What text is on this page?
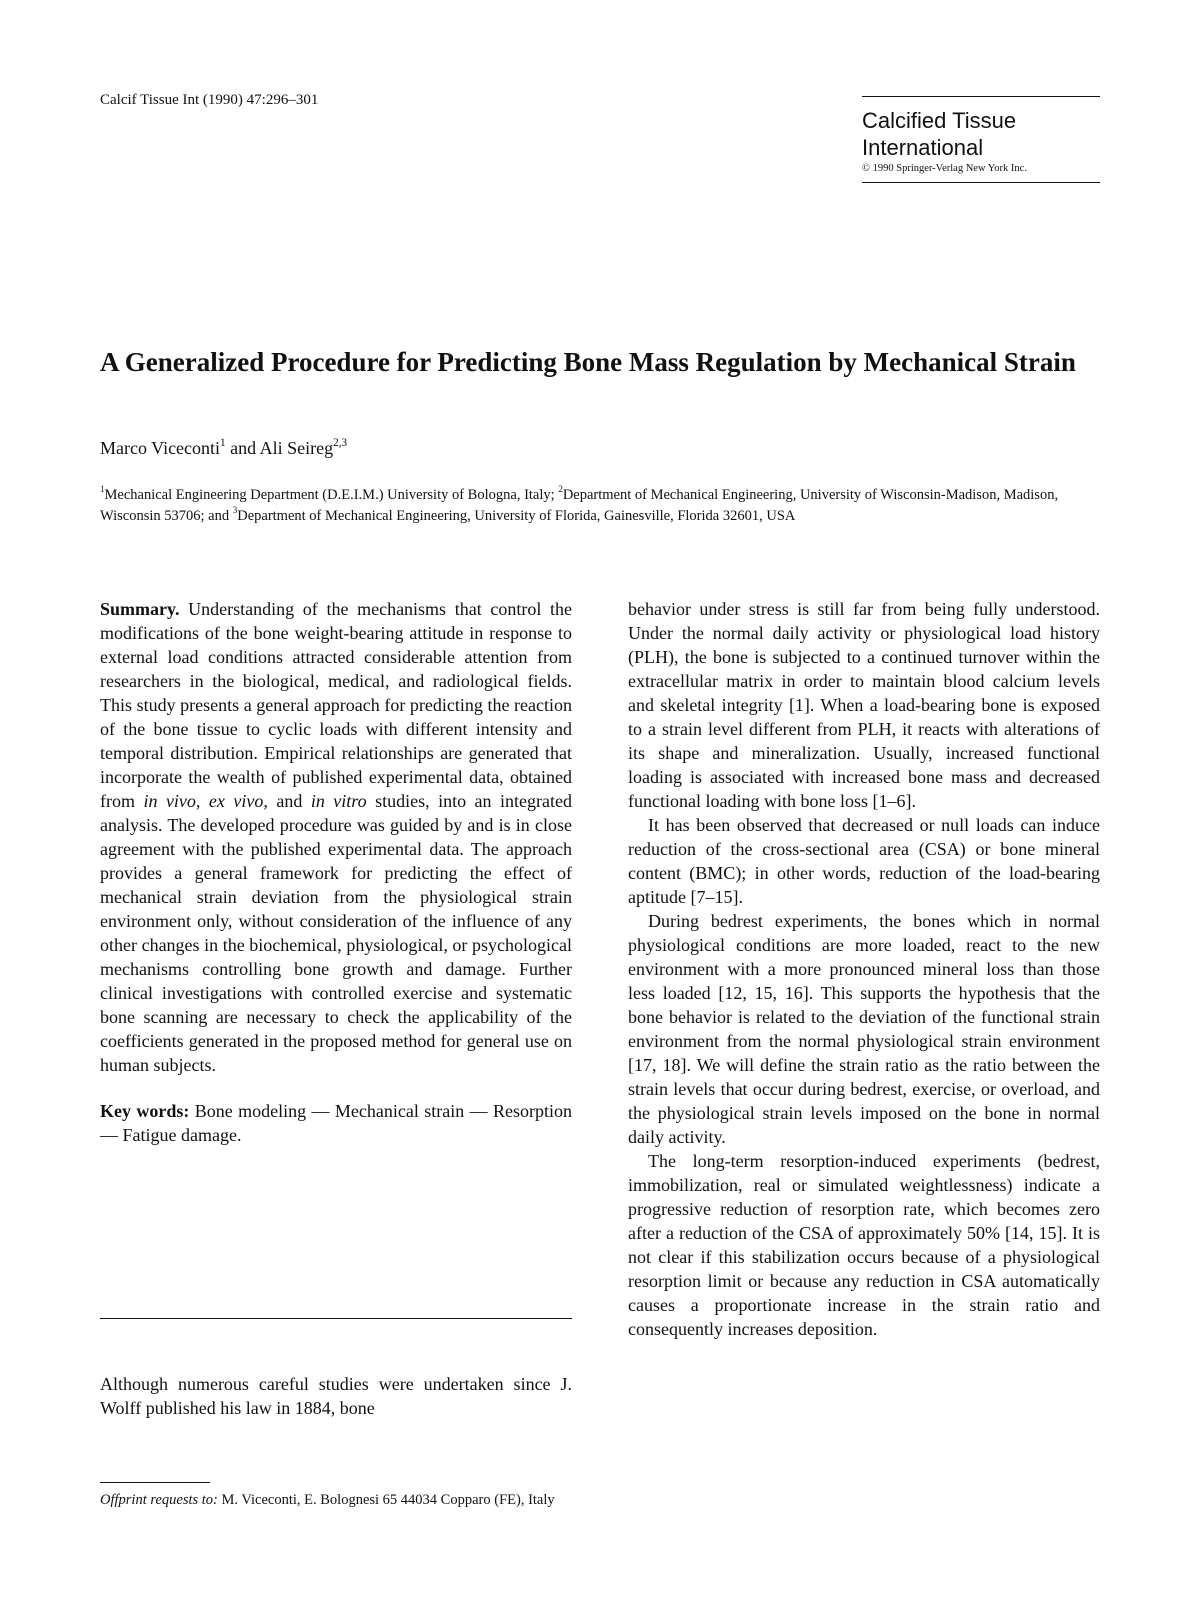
Calcif Tissue Int (1990) 47:296–301
Calcified Tissue
International
© 1990 Springer-Verlag New York Inc.
A Generalized Procedure for Predicting Bone Mass Regulation by Mechanical Strain
Marco Viceconti$^1$ and Ali Seireg$^{2,3}$
$^1$Mechanical Engineering Department (D.E.I.M.) University of Bologna, Italy; $^2$Department of Mechanical Engineering, University of Wisconsin-Madison, Madison, Wisconsin 53706; and $^3$Department of Mechanical Engineering, University of Florida, Gainesville, Florida 32601, USA

Summary. Understanding of the mechanisms that control the modifications of the bone weight-bearing attitude in response to external load conditions attracted considerable attention from researchers in the biological, medical, and radiological fields. This study presents a general approach for predicting the reaction of the bone tissue to cyclic loads with different intensity and temporal distribution. Empirical relationships are generated that incorporate the wealth of published experimental data, obtained from in vivo, ex vivo, and in vitro studies, into an integrated analysis. The developed procedure was guided by and is in close agreement with the published experimental data. The approach provides a general framework for predicting the effect of mechanical strain deviation from the physiological strain environment only, without consideration of the influence of any other changes in the biochemical, physiological, or psychological mechanisms controlling bone growth and damage. Further clinical investigations with controlled exercise and systematic bone scanning are necessary to check the applicability of the coefficients generated in the proposed method for general use on human subjects.

Key words: Bone modeling — Mechanical strain — Resorption — Fatigue damage.

Although numerous careful studies were undertaken since J. Wolff published his law in 1884, bone
Offprint requests to: M. Viceconti, E. Bolognesi 65 44034 Copparo (FE), Italy

behavior under stress is still far from being fully understood. Under the normal daily activity or physiological load history (PLH), the bone is subjected to a continued turnover within the extracellular matrix in order to maintain blood calcium levels and skeletal integrity [1]. When a load-bearing bone is exposed to a strain level different from PLH, it reacts with alterations of its shape and mineralization. Usually, increased functional loading is associated with increased bone mass and decreased functional loading with bone loss [1–6].

It has been observed that decreased or null loads can induce reduction of the cross-sectional area (CSA) or bone mineral content (BMC); in other words, reduction of the load-bearing aptitude [7–15].

During bedrest experiments, the bones which in normal physiological conditions are more loaded, react to the new environment with a more pronounced mineral loss than those less loaded [12, 15, 16]. This supports the hypothesis that the bone behavior is related to the deviation of the functional strain environment from the normal physiological strain environment [17, 18]. We will define the strain ratio as the ratio between the strain levels that occur during bedrest, exercise, or overload, and the physiological strain levels imposed on the bone in normal daily activity.

The long-term resorption-induced experiments (bedrest, immobilization, real or simulated weightlessness) indicate a progressive reduction of resorption rate, which becomes zero after a reduction of the CSA of approximately 50% [14, 15]. It is not clear if this stabilization occurs because of a physiological resorption limit or because any reduction in CSA automatically causes a proportionate increase in the strain ratio and consequently increases deposition.
